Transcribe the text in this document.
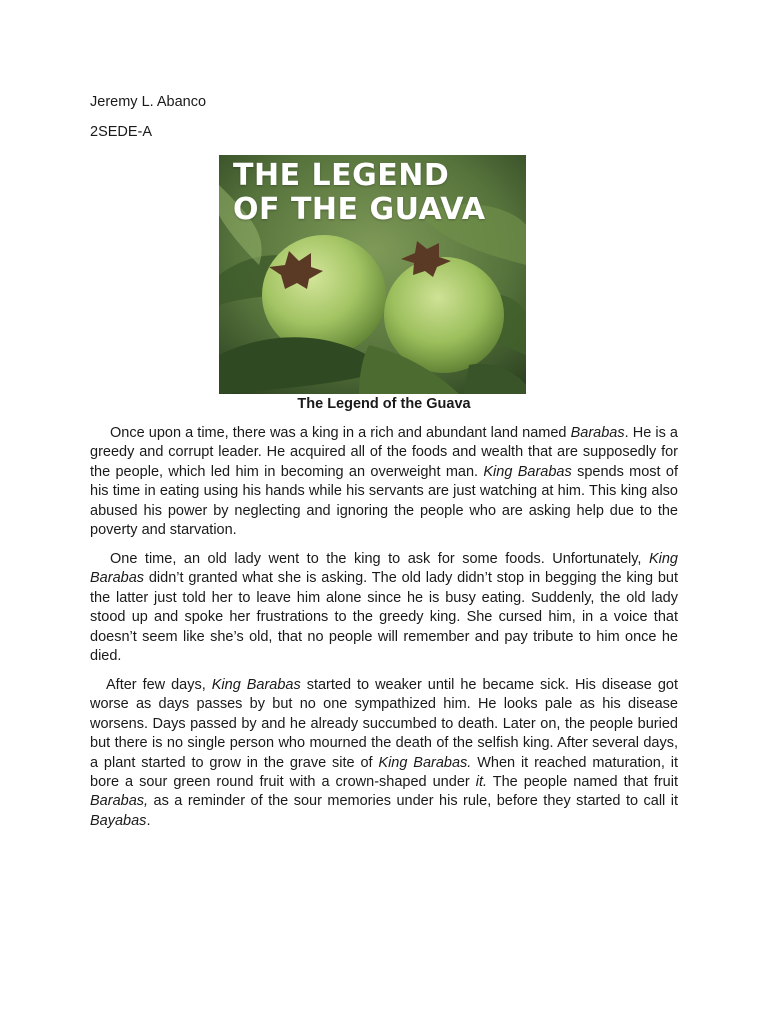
Jeremy L. Abanco
2SEDE-A
THE LEGEND
OF THE GUAVA
The Legend of the Guava

Once upon a time, there was a king in a rich and abundant land named Barabas. He is a greedy and corrupt leader. He acquired all of the foods and wealth that are supposedly for the people, which led him in becoming an overweight man. King Barabas spends most of his time in eating using his hands while his servants are just watching at him. This king also abused his power by neglecting and ignoring the people who are asking help due to the poverty and starvation.

One time, an old lady went to the king to ask for some foods. Unfortunately, King Barabas didn’t granted what she is asking. The old lady didn’t stop in begging the king but the latter just told her to leave him alone since he is busy eating. Suddenly, the old lady stood up and spoke her frustrations to the greedy king. She cursed him, in a voice that doesn’t seem like she’s old, that no people will remember and pay tribute to him once he died.

After few days, King Barabas started to weaker until he became sick. His disease got worse as days passes by but no one sympathized him. He looks pale as his disease worsens. Days passed by and he already succumbed to death. Later on, the people buried but there is no single person who mourned the death of the selfish king. After several days, a plant started to grow in the grave site of King Barabas. When it reached maturation, it bore a sour green round fruit with a crown-shaped under it. The people named that fruit Barabas, as a reminder of the sour memories under his rule, before they started to call it Bayabas.
